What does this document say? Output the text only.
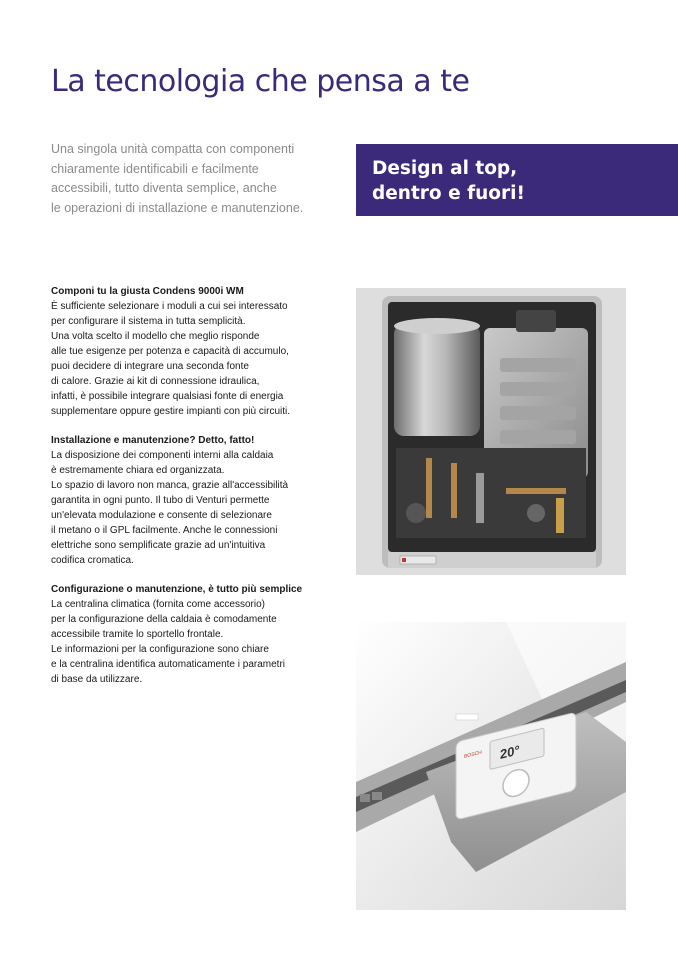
La tecnologia che pensa a te
Una singola unità compatta con componenti
chiaramente identificabili e facilmente
accessibili, tutto diventa semplice, anche
le operazioni di installazione e manutenzione.
Design al top,
dentro e fuori!
Componi tu la giusta Condens 9000i WM

È sufficiente selezionare i moduli a cui sei interessato
per configurare il sistema in tutta semplicità.
Una volta scelto il modello che meglio risponde
alle tue esigenze per potenza e capacità di accumulo,
puoi decidere di integrare una seconda fonte
di calore. Grazie ai kit di connessione idraulica,
infatti, è possibile integrare qualsiasi fonte di energia
supplementare oppure gestire impianti con più circuiti.

Installazione e manutenzione? Detto, fatto!

La disposizione dei componenti interni alla caldaia
è estremamente chiara ed organizzata.
Lo spazio di lavoro non manca, grazie all'accessibilità
garantita in ogni punto. Il tubo di Venturi permette
un'elevata modulazione e consente di selezionare
il metano o il GPL facilmente. Anche le connessioni
elettriche sono semplificate grazie ad un'intuitiva
codifica cromatica.

Configurazione o manutenzione, è tutto più semplice

La centralina climatica (fornita come accessorio)
per la configurazione della caldaia è comodamente
accessibile tramite lo sportello frontale.
Le informazioni per la configurazione sono chiare
e la centralina identifica automaticamente i parametri
di base da utilizzare.

20°
BOSCH
